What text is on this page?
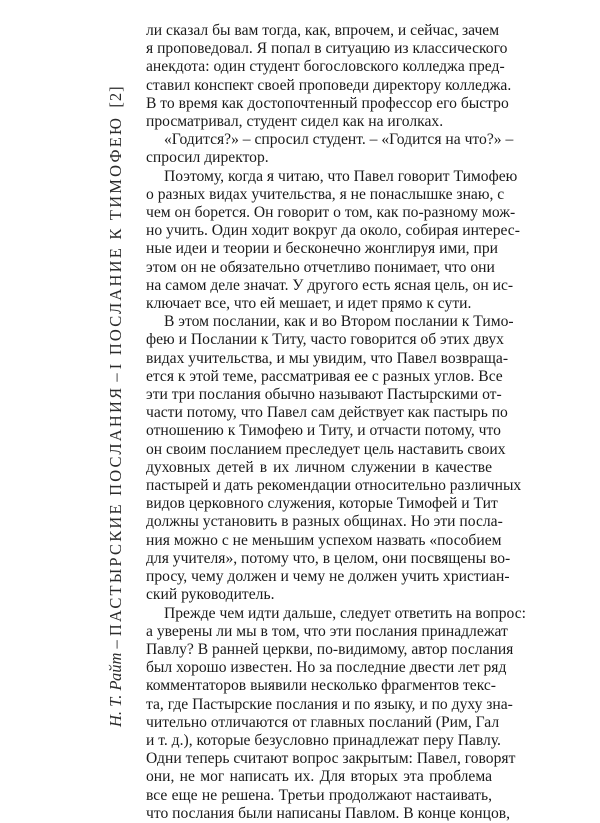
Н. Т. Райт – ПАСТЫРСКИЕ ПОСЛАНИЯ – I ПОСЛАНИЕ К ТИМОФЕЮ  [2]
ли сказал бы вам тогда, как, впрочем, и сейчас, зачем
я проповедовал. Я попал в ситуацию из классического
анекдота: один студент богословского колледжа пред-
ставил конспект своей проповеди директору колледжа.
В то время как достопочтенный профессор его быстро
просматривал, студент сидел как на иголках.
«Годится?» – спросил студент. – «Годится на что?» –
спросил директор.
Поэтому, когда я читаю, что Павел говорит Тимофею
о разных видах учительства, я не понаслышке знаю, с
чем он борется. Он говорит о том, как по-разному мож-
но учить. Один ходит вокруг да около, собирая интерес-
ные идеи и теории и бесконечно жонглируя ими, при
этом он не обязательно отчетливо понимает, что они
на самом деле значат. У другого есть ясная цель, он ис-
ключает все, что ей мешает, и идет прямо к сути.
В этом послании, как и во Втором послании к Тимо-
фею и Послании к Титу, часто говорится об этих двух
видах учительства, и мы увидим, что Павел возвраща-
ется к этой теме, рассматривая ее с разных углов. Все
эти три послания обычно называют Пастырскими от-
части потому, что Павел сам действует как пастырь по
отношению к Тимофею и Титу, и отчасти потому, что
он своим посланием преследует цель наставить своих
духовных детей в их личном служении в качестве
пастырей и дать рекомендации относительно различных
видов церковного служения, которые Тимофей и Тит
должны установить в разных общинах. Но эти посла-
ния можно с не меньшим успехом назвать «пособием
для учителя», потому что, в целом, они посвящены во-
просу, чему должен и чему не должен учить христиан-
ский руководитель.
Прежде чем идти дальше, следует ответить на вопрос:
а уверены ли мы в том, что эти послания принадлежат
Павлу? В ранней церкви, по-видимому, автор послания
был хорошо известен. Но за последние двести лет ряд
комментаторов выявили несколько фрагментов текс-
та, где Пастырские послания и по языку, и по духу зна-
чительно отличаются от главных посланий (Рим, Гал
и т. д.), которые безусловно принадлежат перу Павлу.
Одни теперь считают вопрос закрытым: Павел, говорят
они, не мог написать их. Для вторых эта проблема
все еще не решена. Третьи продолжают настаивать,
что послания были написаны Павлом. В конце концов,
